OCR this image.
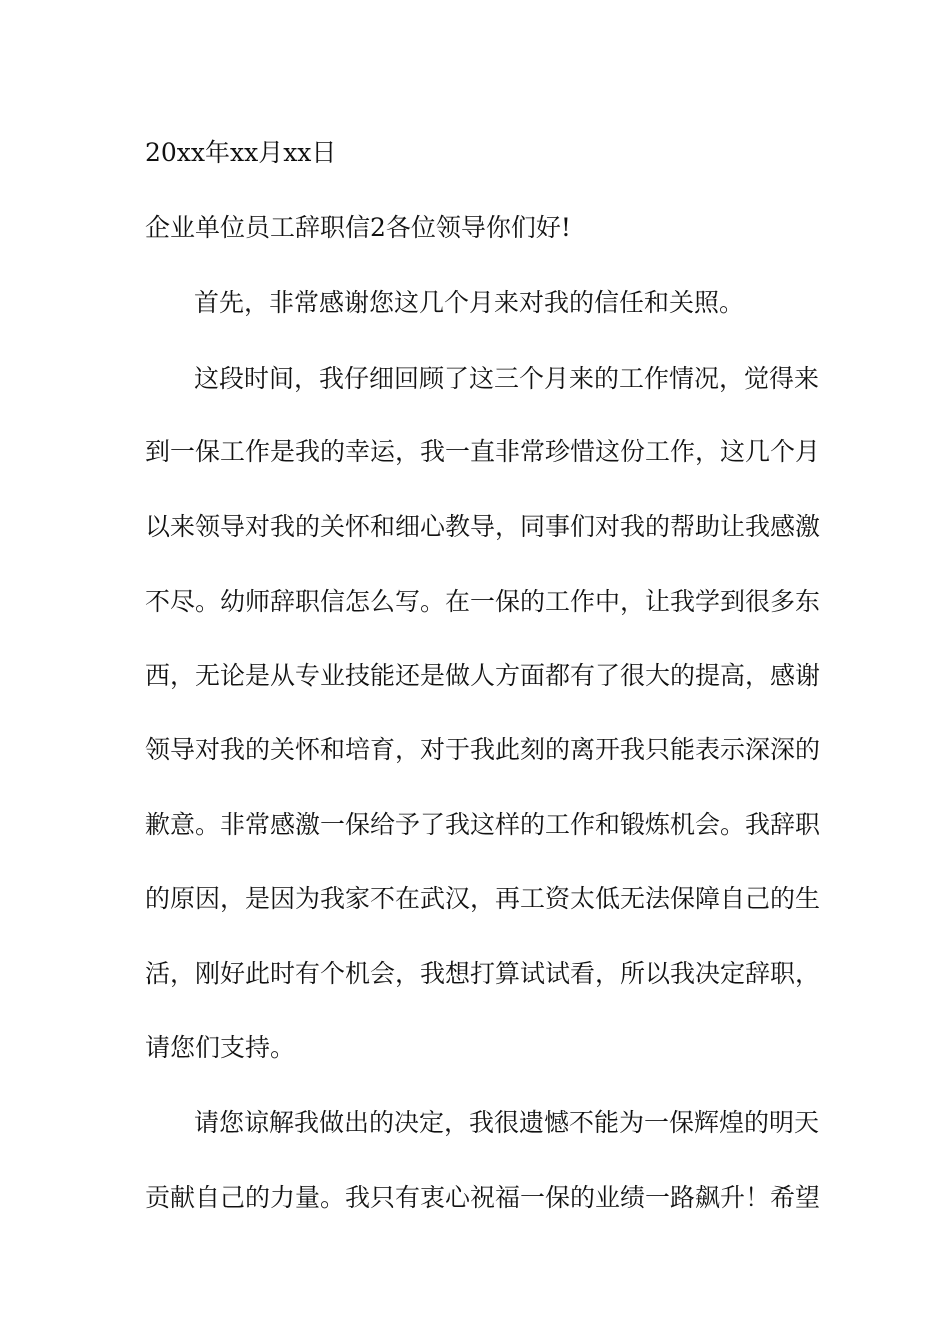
20xx年xx月xx日
企业单位员工辞职信2各位领导你们好!
首先，非常感谢您这几个月来对我的信任和关照。
这段时间，我仔细回顾了这三个月来的工作情况，觉得来
到一保工作是我的幸运，我一直非常珍惜这份工作，这几个月
以来领导对我的关怀和细心教导，同事们对我的帮助让我感激
不尽。幼师辞职信怎么写。在一保的工作中，让我学到很多东
西，无论是从专业技能还是做人方面都有了很大的提高，感谢
领导对我的关怀和培育，对于我此刻的离开我只能表示深深的
歉意。非常感激一保给予了我这样的工作和锻炼机会。我辞职
的原因，是因为我家不在武汉，再工资太低无法保障自己的生
活，刚好此时有个机会，我想打算试试看，所以我决定辞职，
请您们支持。
请您谅解我做出的决定，我很遗憾不能为一保辉煌的明天
贡献自己的力量。我只有衷心祝福一保的业绩一路飙升！希望
